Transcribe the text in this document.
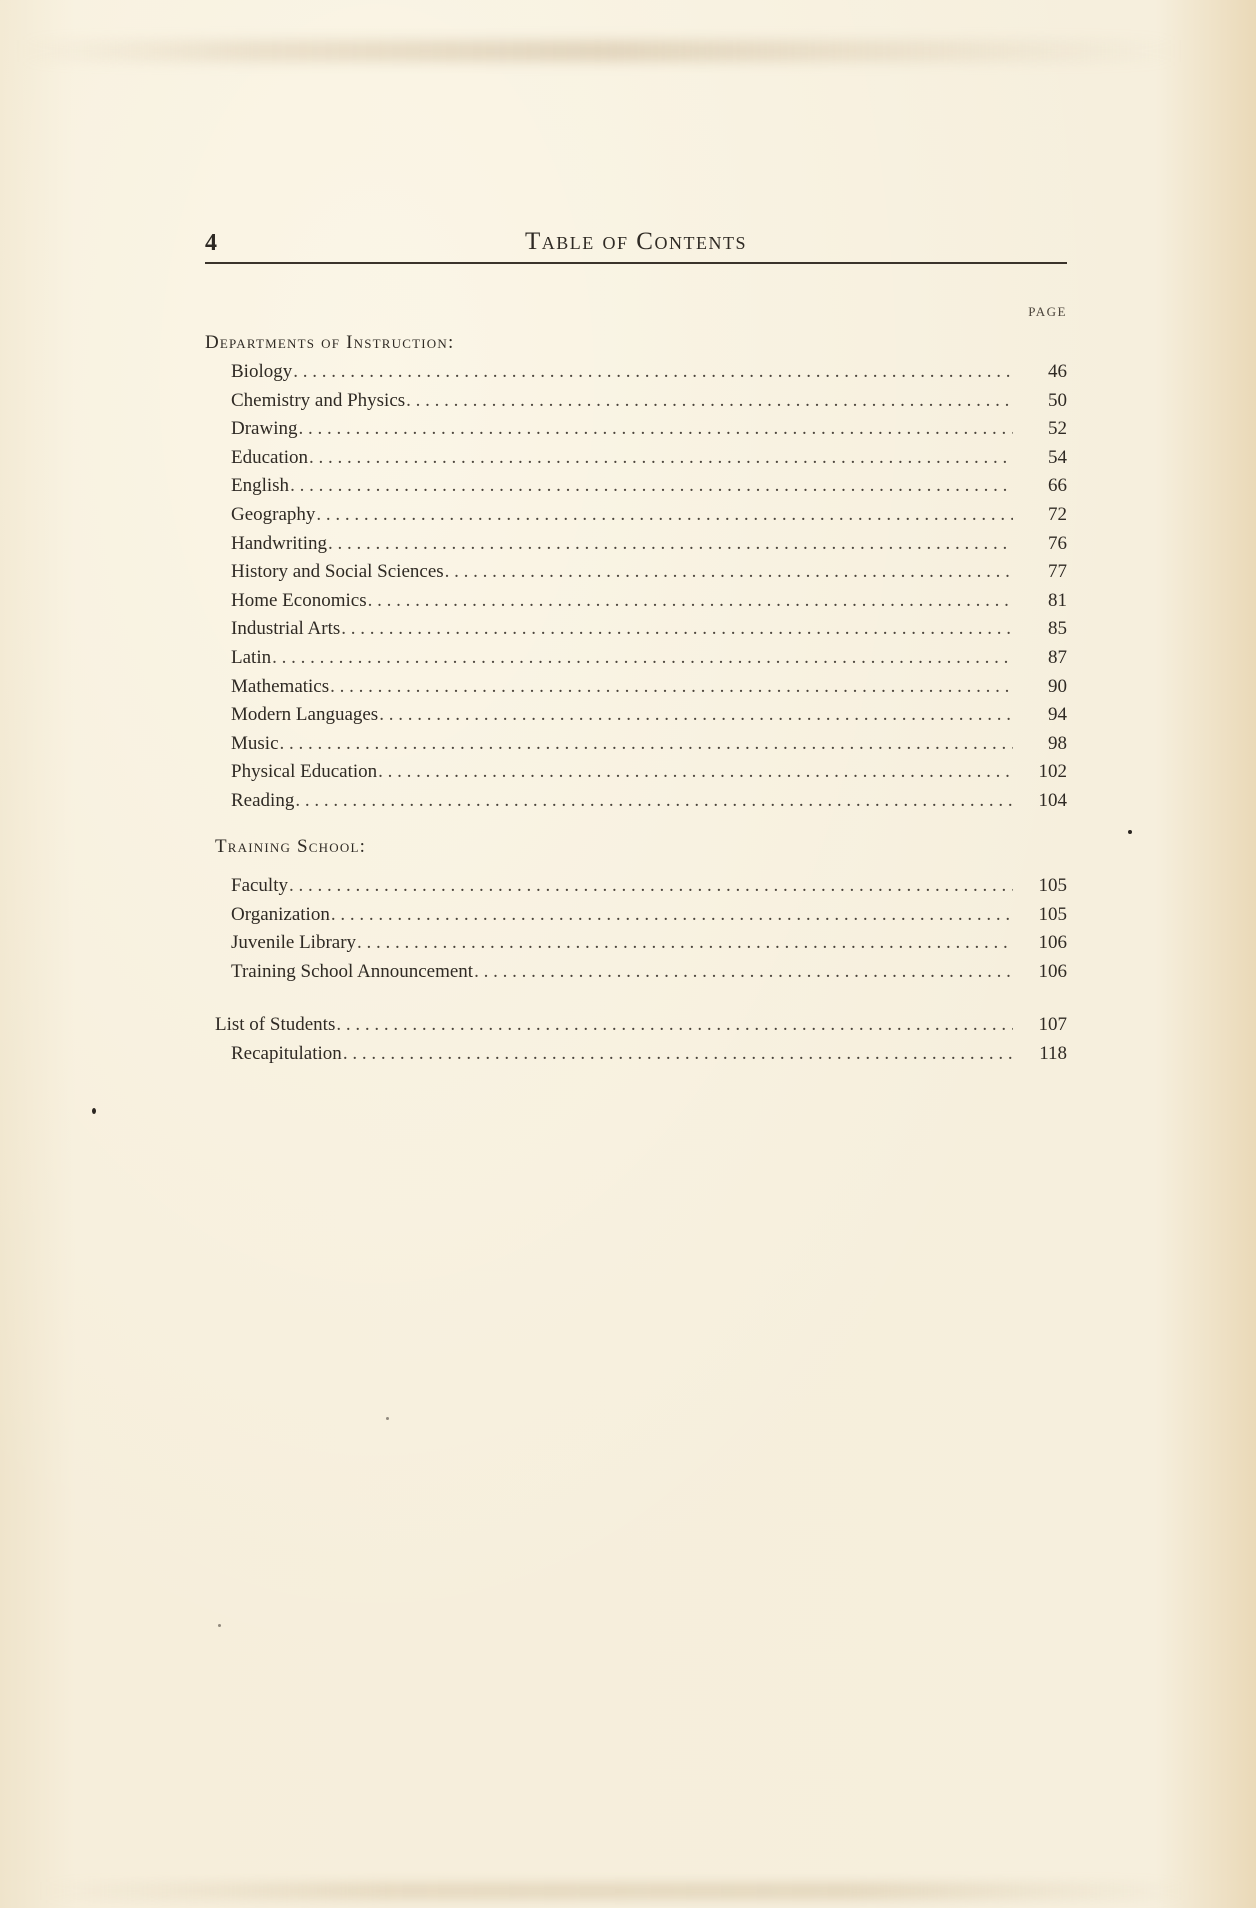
4	Table of Contents
PAGE
Departments of Instruction:
Biology . . .	46
Chemistry and Physics . . .	50
Drawing . . .	52
Education . . .	54
English . . .	66
Geography . . .	72
Handwriting . . .	76
History and Social Sciences . . .	77
Home Economics . . .	81
Industrial Arts . . .	85
Latin . . .	87
Mathematics . . .	90
Modern Languages . . .	94
Music . . .	98
Physical Education . . .	102
Reading . . .	104
Training School:
Faculty . . .	105
Organization . . .	105
Juvenile Library . . .	106
Training School Announcement . . .	106
List of Students . . .	107
Recapitulation . . .	118
